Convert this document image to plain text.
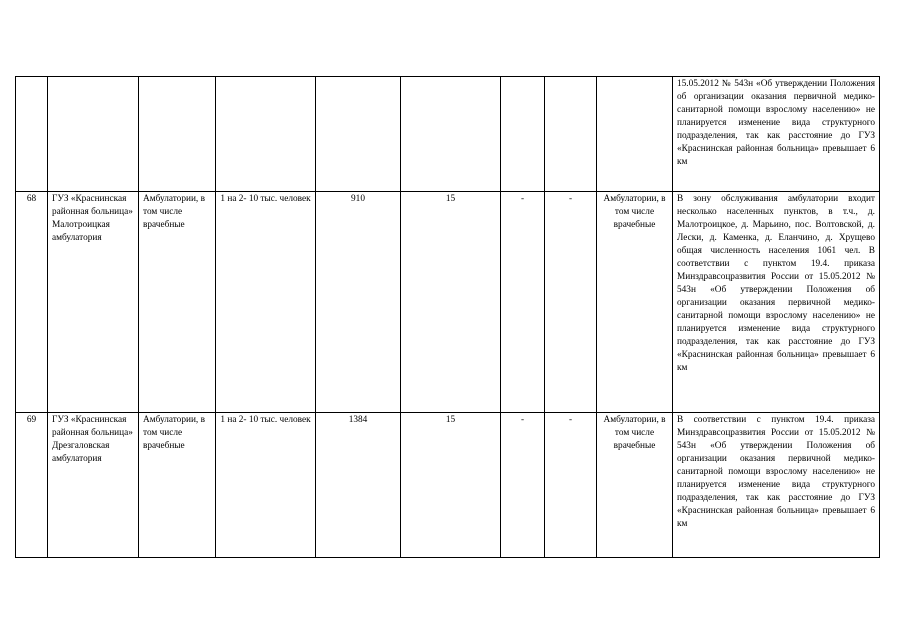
									15.05.2012 № 543н «Об утверждении Положения об организации оказания первичной медико-санитарной помощи взрослому населению» не планируется изменение вида структурного подразделения, так как расстояние до ГУЗ «Краснинская районная больница» превышает 6 км
68	ГУЗ «Краснинская районная больница» Малотроицкая амбулатория	Амбулатории, в том числе врачебные	1 на 2- 10 тыс. человек	910	15	-	-	Амбулатории, в том числе врачебные	В зону обслуживания амбулатории входит несколько населенных пунктов, в т.ч., д. Малотроицкое, д. Марьино, пос. Волтовской, д. Лески, д. Каменка, д. Еланчино, д. Хрущево общая численность населения 1061 чел. В соответствии с пунктом 19.4. приказа Минздравсоцразвития России от 15.05.2012 № 543н «Об утверждении Положения об организации оказания первичной медико-санитарной помощи взрослому населению» не планируется изменение вида структурного подразделения, так как расстояние до ГУЗ «Краснинская районная больница» превышает 6 км
69	ГУЗ «Краснинская районная больница» Дрезгаловская амбулатория	Амбулатории, в том числе врачебные	1 на 2- 10 тыс. человек	1384	15	-	-	Амбулатории, в том числе врачебные	В соответствии с пунктом 19.4. приказа Минздравсоцразвития России от 15.05.2012 № 543н «Об утверждении Положения об организации оказания первичной медико-санитарной помощи взрослому населению» не планируется изменение вида структурного подразделения, так как расстояние до ГУЗ «Краснинская районная больница» превышает 6 км
